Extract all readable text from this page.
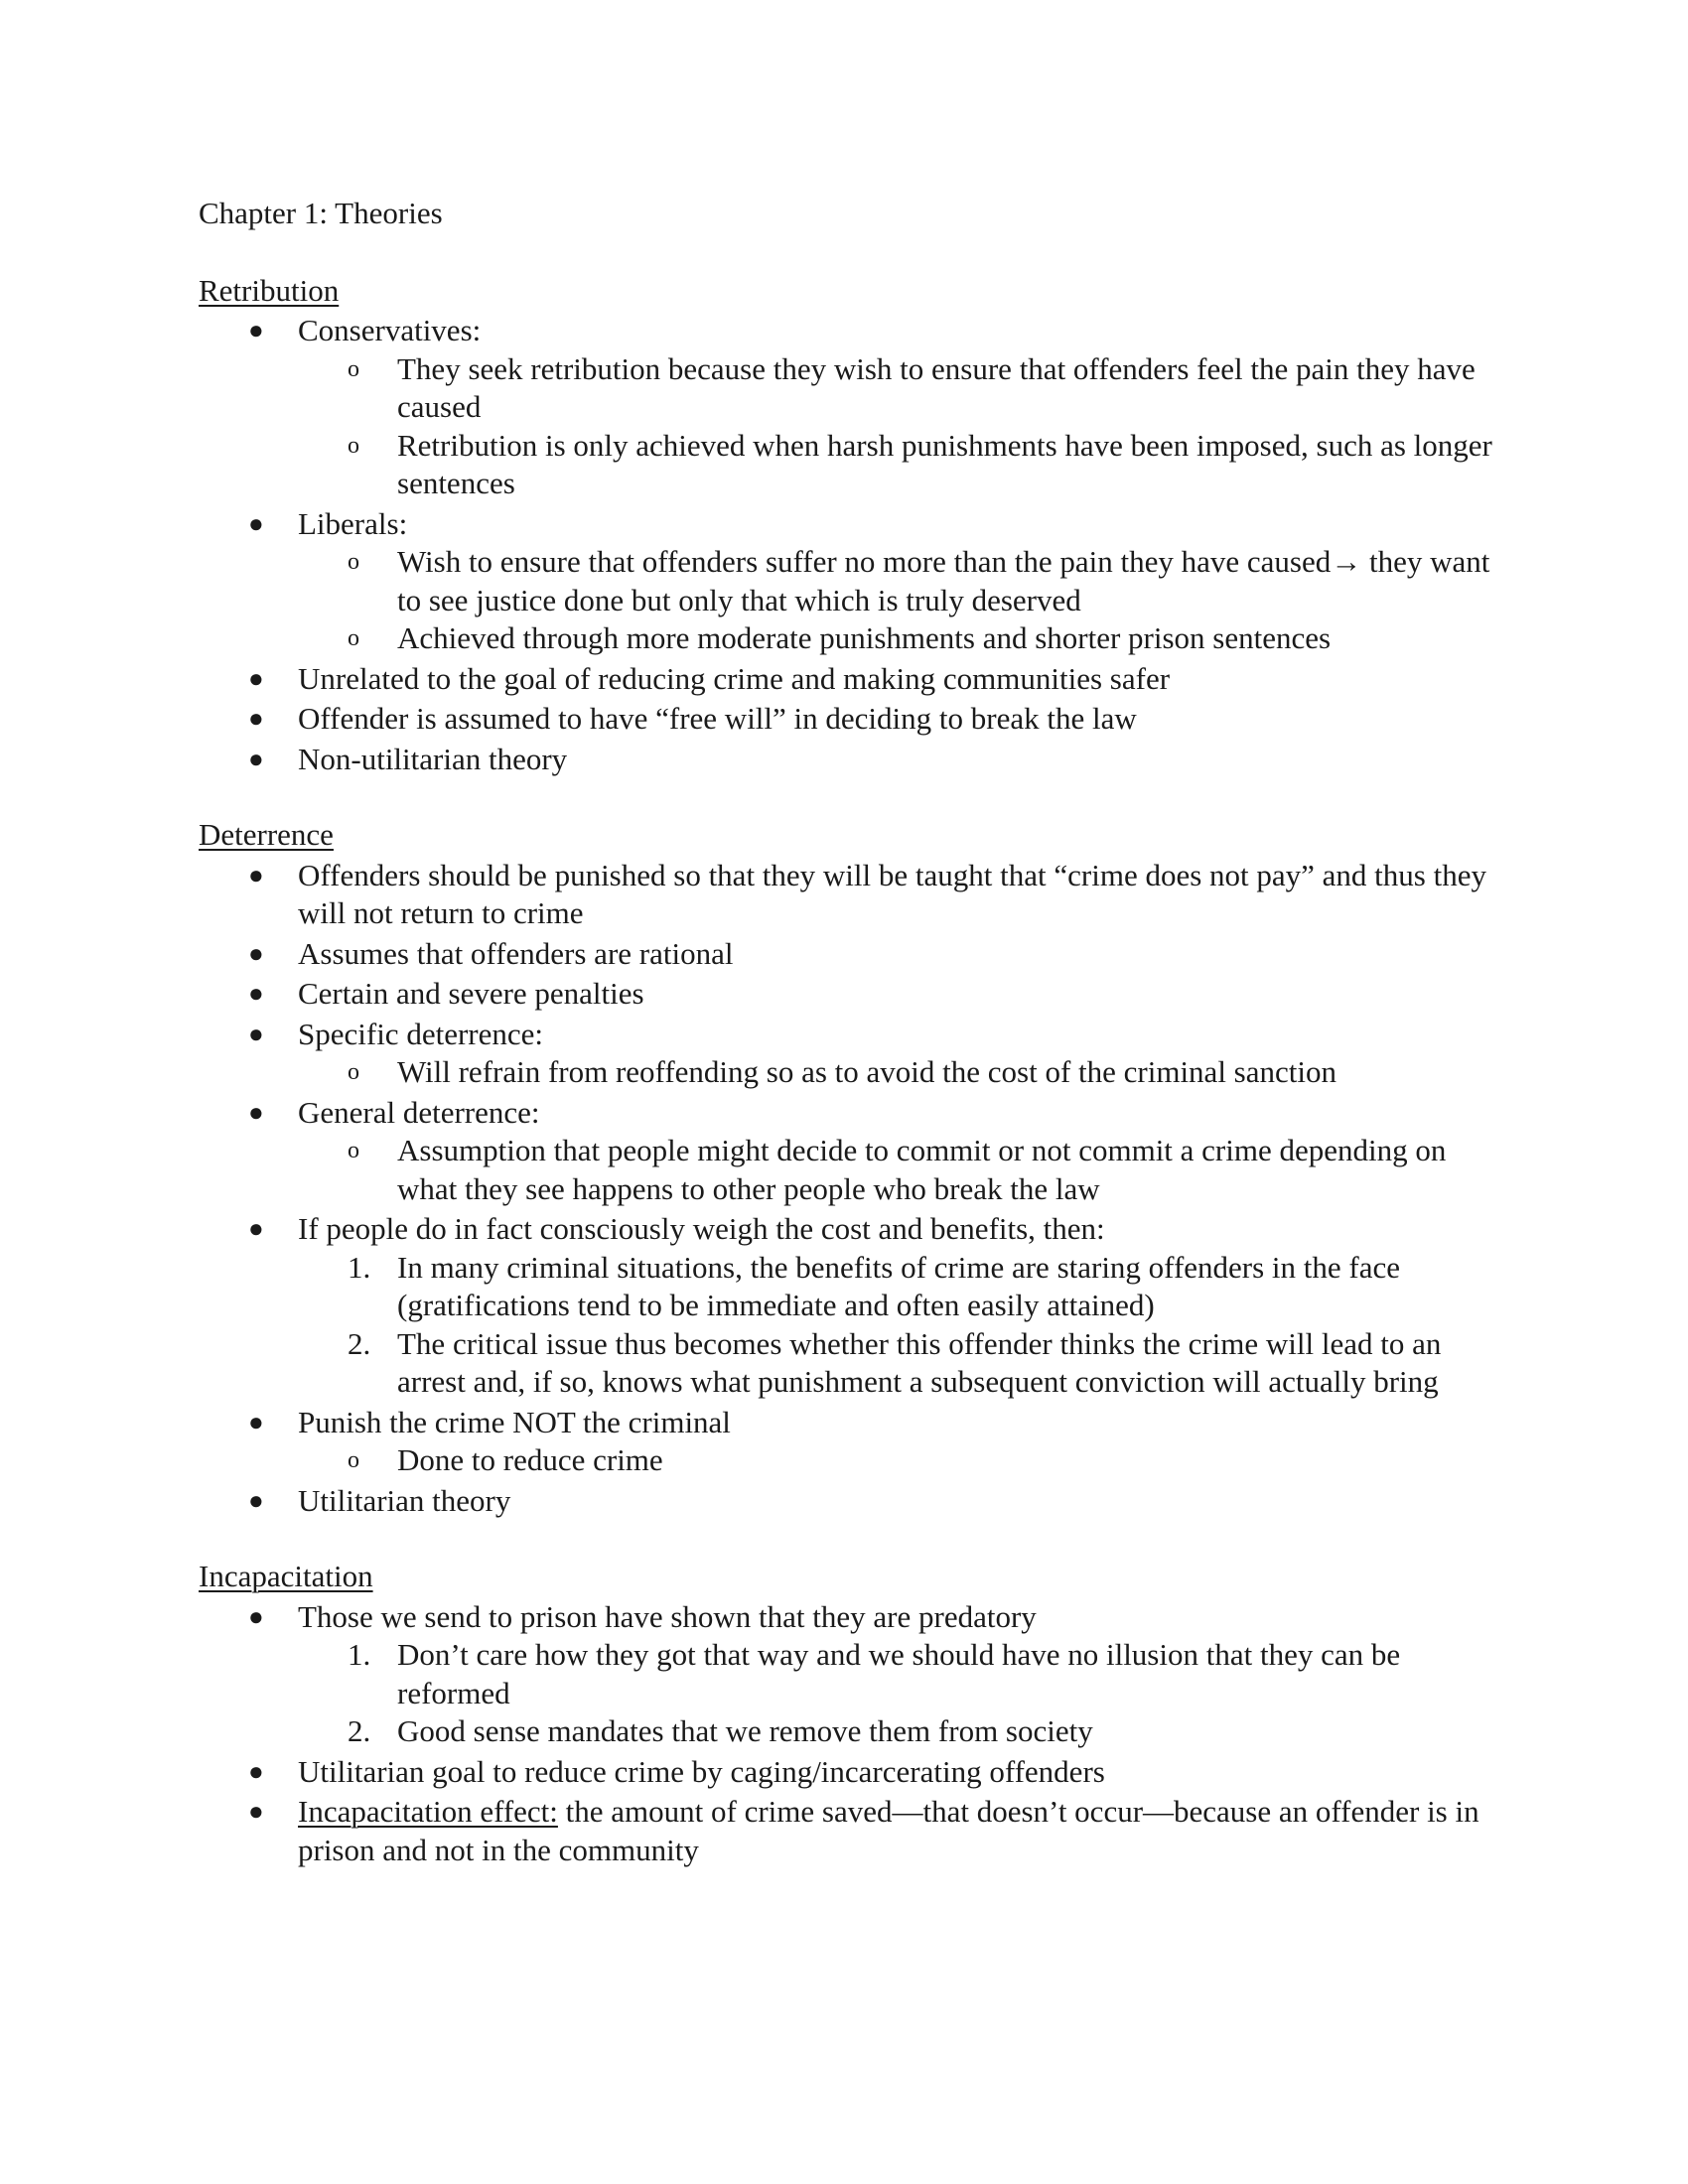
Chapter 1: Theories
Retribution
● Conservatives:
o They seek retribution because they wish to ensure that offenders feel the pain they have caused
o Retribution is only achieved when harsh punishments have been imposed, such as longer sentences
● Liberals:
o Wish to ensure that offenders suffer no more than the pain they have caused→ they want to see justice done but only that which is truly deserved
o Achieved through more moderate punishments and shorter prison sentences
● Unrelated to the goal of reducing crime and making communities safer
● Offender is assumed to have “free will” in deciding to break the law
● Non-utilitarian theory
Deterrence
● Offenders should be punished so that they will be taught that “crime does not pay” and thus they will not return to crime
● Assumes that offenders are rational
● Certain and severe penalties
● Specific deterrence:
o Will refrain from reoffending so as to avoid the cost of the criminal sanction
● General deterrence:
o Assumption that people might decide to commit or not commit a crime depending on what they see happens to other people who break the law
● If people do in fact consciously weigh the cost and benefits, then:
1. In many criminal situations, the benefits of crime are staring offenders in the face (gratifications tend to be immediate and often easily attained)
2. The critical issue thus becomes whether this offender thinks the crime will lead to an arrest and, if so, knows what punishment a subsequent conviction will actually bring
● Punish the crime NOT the criminal
o Done to reduce crime
● Utilitarian theory
Incapacitation
● Those we send to prison have shown that they are predatory
1. Don’t care how they got that way and we should have no illusion that they can be reformed
2. Good sense mandates that we remove them from society
● Utilitarian goal to reduce crime by caging/incarcerating offenders
● Incapacitation effect: the amount of crime saved—that doesn’t occur—because an offender is in prison and not in the community
